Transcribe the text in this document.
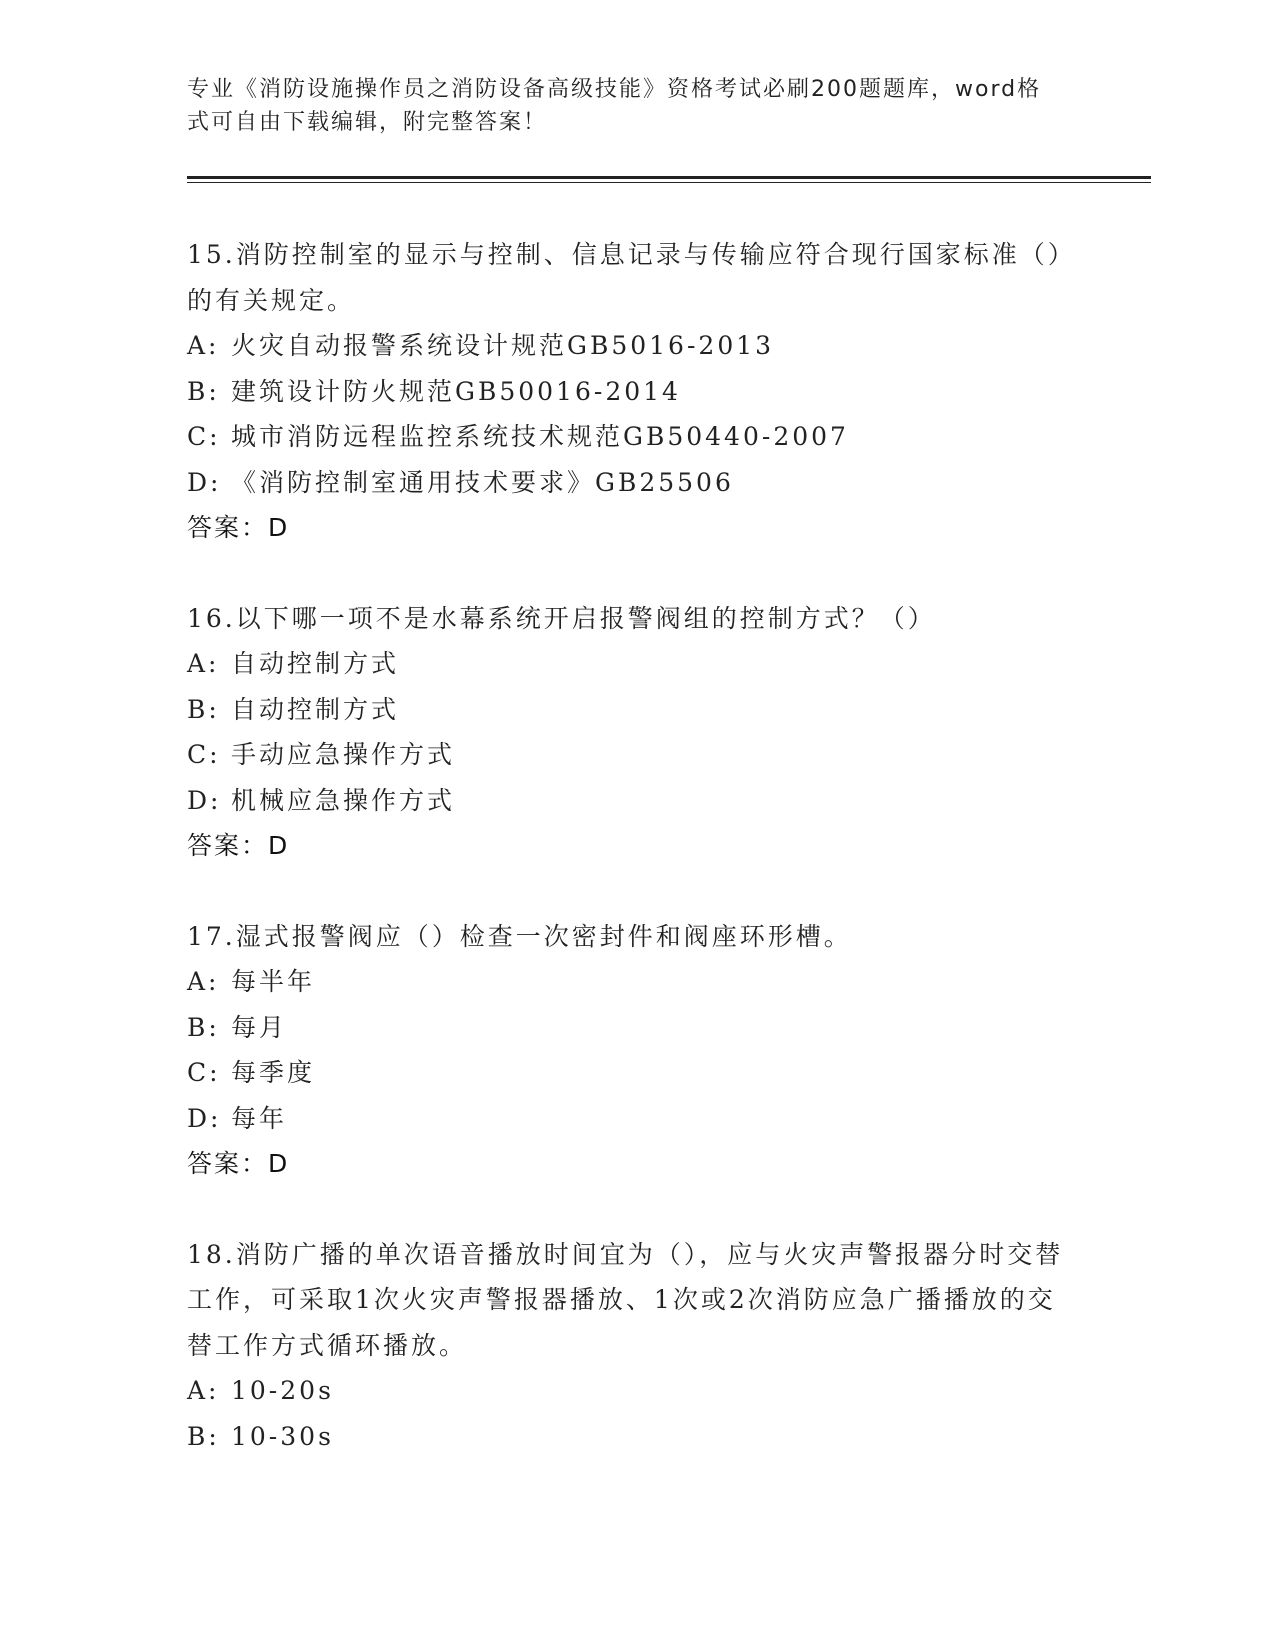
专业《消防设施操作员之消防设备高级技能》资格考试必刷200题题库，word格
式可自由下载编辑，附完整答案！
15.消防控制室的显示与控制、信息记录与传输应符合现行国家标准（）的有关规定。
A: 火灾自动报警系统设计规范GB5016-2013
B: 建筑设计防火规范GB50016-2014
C: 城市消防远程监控系统技术规范GB50440-2007
D: 《消防控制室通用技术要求》GB25506
答案：D
16.以下哪一项不是水幕系统开启报警阀组的控制方式？（）
A: 自动控制方式
B: 自动控制方式
C: 手动应急操作方式
D: 机械应急操作方式
答案：D
17.湿式报警阀应（）检查一次密封件和阀座环形槽。
A: 每半年
B: 每月
C: 每季度
D: 每年
答案：D
18.消防广播的单次语音播放时间宜为（），应与火灾声警报器分时交替工作，可采取1次火灾声警报器播放、1次或2次消防应急广播播放的交替工作方式循环播放。
A: 10-20s
B: 10-30s
